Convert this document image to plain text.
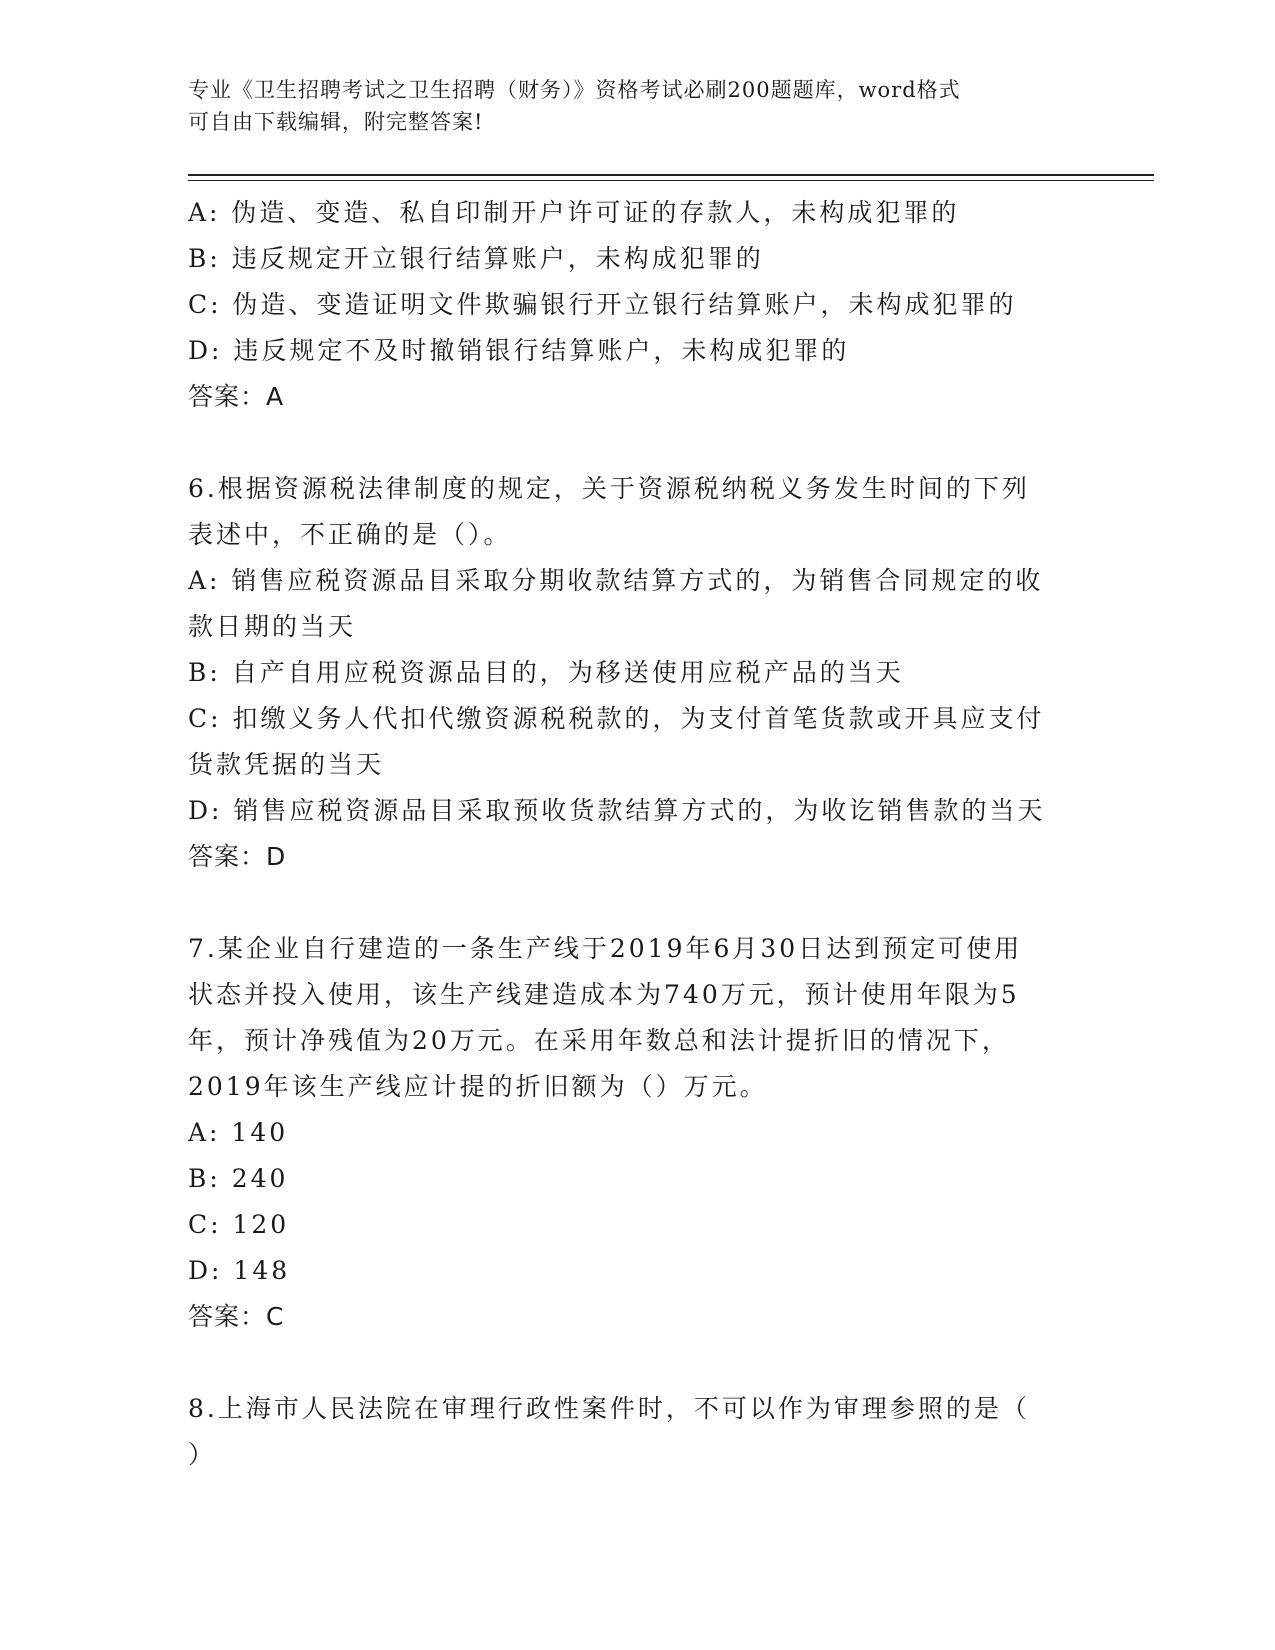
专业《卫生招聘考试之卫生招聘（财务）》资格考试必刷200题题库，word格式
可自由下载编辑，附完整答案!
A: 伪造、变造、私自印制开户许可证的存款人，未构成犯罪的
B: 违反规定开立银行结算账户，未构成犯罪的
C: 伪造、变造证明文件欺骗银行开立银行结算账户，未构成犯罪的
D: 违反规定不及时撤销银行结算账户，未构成犯罪的
答案：A
6.根据资源税法律制度的规定，关于资源税纳税义务发生时间的下列
表述中，不正确的是（）。
A: 销售应税资源品目采取分期收款结算方式的，为销售合同规定的收
款日期的当天
B: 自产自用应税资源品目的，为移送使用应税产品的当天
C: 扣缴义务人代扣代缴资源税税款的，为支付首笔货款或开具应支付
货款凭据的当天
D: 销售应税资源品目采取预收货款结算方式的，为收讫销售款的当天
答案：D
7.某企业自行建造的一条生产线于2019年6月30日达到预定可使用
状态并投入使用，该生产线建造成本为740万元，预计使用年限为5
年，预计净残值为20万元。在采用年数总和法计提折旧的情况下，
2019年该生产线应计提的折旧额为（）万元。
A: 140
B: 240
C: 120
D: 148
答案：C
8.上海市人民法院在审理行政性案件时，不可以作为审理参照的是（
）
